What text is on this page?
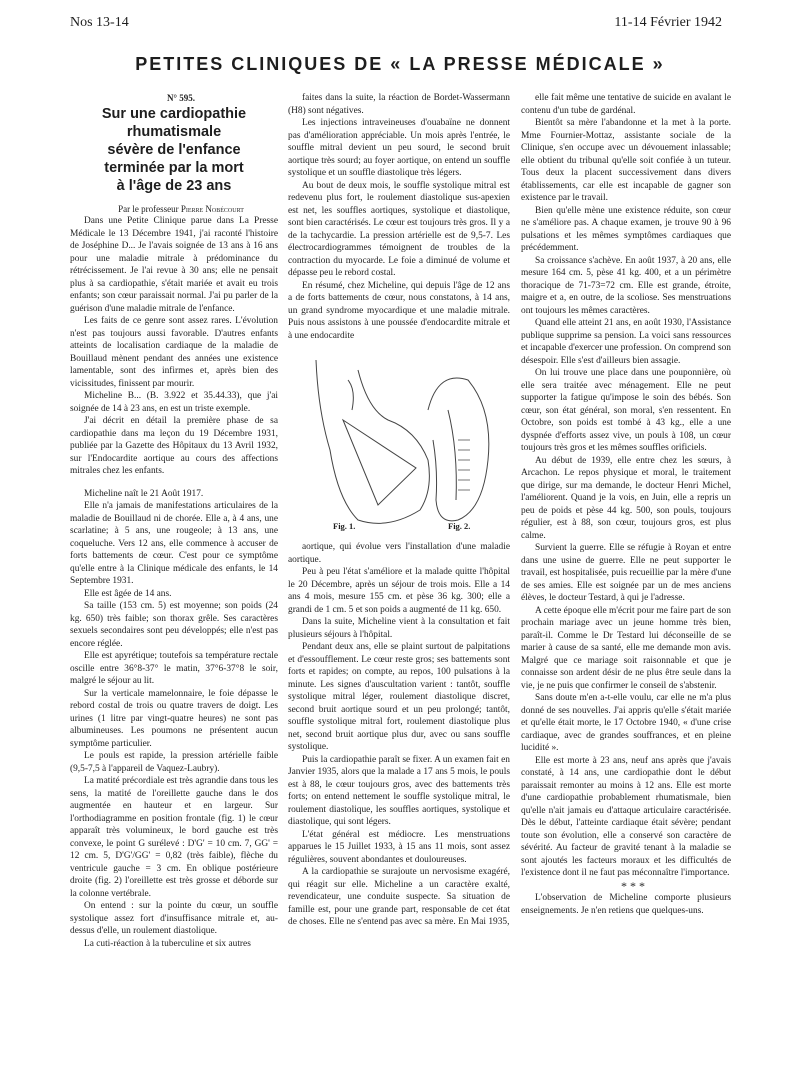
Nos 13-14	11-14 Février 1942
PETITES CLINIQUES DE « LA PRESSE MÉDICALE »

N° 595.

Sur une cardiopathie
rhumatismale
sévère de l'enfance
terminée par la mort
à l'âge de 23 ans

Par le professeur Pierre Nobécourt

Dans une Petite Clinique parue dans La Presse Médicale le 13 Décembre 1941, j'ai raconté l'histoire de Joséphine D... Je l'avais soignée de 13 ans à 16 ans pour une maladie mitrale à prédominance du rétrécissement. Je l'ai revue à 30 ans; elle ne pensait plus à sa cardiopathie, s'était mariée et avait eu trois enfants; son cœur paraissait normal. J'ai pu parler de la guérison d'une maladie mitrale de l'enfance.

Les faits de ce genre sont assez rares. L'évolution n'est pas toujours aussi favorable. D'autres enfants atteints de localisation cardiaque de la maladie de Bouillaud mènent pendant des années une existence lamentable, sont des infirmes et, après bien des vicissitudes, finissent par mourir.

Micheline B... (B. 3.922 et 35.44.33), que j'ai soignée de 14 à 23 ans, en est un triste exemple.

J'ai décrit en détail la première phase de sa cardiopathie dans ma leçon du 19 Décembre 1931, publiée par la Gazette des Hôpitaux du 13 Avril 1932, sur l'Endocardite aortique au cours des affections mitrales chez les enfants.

Micheline naît le 21 Août 1917.

Elle n'a jamais de manifestations articulaires de la maladie de Bouillaud ni de chorée. Elle a, à 4 ans, une scarlatine; à 5 ans, une rougeole; à 13 ans, une coqueluche. Vers 12 ans, elle commence à accuser de forts battements de cœur. C'est pour ce symptôme qu'elle entre à la Clinique médicale des enfants, le 14 Septembre 1931.

Elle est âgée de 14 ans.

Sa taille (153 cm. 5) est moyenne; son poids (24 kg. 650) très faible; son thorax grêle. Ses caractères sexuels secondaires sont peu développés; elle n'est pas encore réglée.

Elle est apyrétique; toutefois sa température rectale oscille entre 36°8-37° le matin, 37°6-37°8 le soir, malgré le séjour au lit.

Sur la verticale mamelonnaire, le foie dépasse le rebord costal de trois ou quatre travers de doigt. Les urines (1 litre par vingt-quatre heures) ne sont pas albumineuses. Les poumons ne présentent aucun symptôme particulier.

Le pouls est rapide, la pression artérielle faible (9,5-7,5 à l'appareil de Vaquez-Laubry).

La matité précordiale est très agrandie dans tous les sens, la matité de l'oreillette gauche dans le dos augmentée en hauteur et en largeur. Sur l'orthodiagramme en position frontale (fig. 1) le cœur apparaît très volumineux, le bord gauche est très convexe, le point G surélevé : D'G' = 10 cm. 7, GG' = 12 cm. 5, D'G'/GG' = 0,82 (très faible), flèche du ventricule gauche = 3 cm. En oblique postérieure droite (fig. 2) l'oreillette est très grosse et déborde sur la colonne vertébrale.

On entend : sur la pointe du cœur, un souffle systolique assez fort d'insuffisance mitrale et, au-dessus d'elle, un roulement diastolique.

La cuti-réaction à la tuberculine et six autres

faites dans la suite, la réaction de Bordet-Wassermann (H8) sont négatives.

Les injections intraveineuses d'ouabaïne ne donnent pas d'amélioration appréciable. Un mois après l'entrée, le souffle mitral devient un peu sourd, le second bruit aortique très sourd; au foyer aortique, on entend un souffle systolique et un souffle diastolique très légers.

Au bout de deux mois, le souffle systolique mitral est redevenu plus fort, le roulement diastolique sus-apexien est net, les souffles aortiques, systolique et diastolique, sont bien caractérisés. Le cœur est toujours très gros. Il y a de la tachycardie. La pression artérielle est de 9,5-7. Les électrocardiogrammes témoignent de troubles de la contraction du myocarde. Le foie a diminué de volume et dépasse peu le rebord costal.

En résumé, chez Micheline, qui depuis l'âge de 12 ans a de forts battements de cœur, nous constatons, à 14 ans, un grand syndrome myocardique et une maladie mitrale. Puis nous assistons à une poussée d'endocardite mitrale et à une endocardite

Fig. 1.	Fig. 2.

aortique, qui évolue vers l'installation d'une maladie aortique.

Peu à peu l'état s'améliore et la malade quitte l'hôpital le 20 Décembre, après un séjour de trois mois. Elle a 14 ans 4 mois, mesure 155 cm. et pèse 36 kg. 300; elle a grandi de 1 cm. 5 et son poids a augmenté de 11 kg. 650.

Dans la suite, Micheline vient à la consultation et fait plusieurs séjours à l'hôpital.

Pendant deux ans, elle se plaint surtout de palpitations et d'essoufflement. Le cœur reste gros; ses battements sont forts et rapides; on compte, au repos, 100 pulsations à la minute. Les signes d'auscultation varient : tantôt, souffle systolique mitral léger, roulement diastolique discret, second bruit aortique sourd et un peu prolongé; tantôt, souffle systolique mitral fort, roulement diastolique plus net, second bruit aortique plus dur, avec ou sans souffle systolique.

Puis la cardiopathie paraît se fixer. A un examen fait en Janvier 1935, alors que la malade a 17 ans 5 mois, le pouls est à 88, le cœur toujours gros, avec des battements très forts; on entend nettement le souffle systolique mitral, le roulement diastolique, les souffles aortiques, systolique et diastolique, qui sont légers.

L'état général est médiocre. Les menstruations apparues le 15 Juillet 1933, à 15 ans 11 mois, sont assez régulières, souvent abondantes et douloureuses.

A la cardiopathie se surajoute un nervosisme exagéré, qui réagit sur elle. Micheline a un caractère exalté, revendicateur, une conduite suspecte. Sa situation de famille est, pour une grande part, responsable de cet état de choses. Elle ne s'entend pas avec sa mère. En Mai 1935,

elle fait même une tentative de suicide en avalant le contenu d'un tube de gardénal.

Bientôt sa mère l'abandonne et la met à la porte. Mme Fournier-Mottaz, assistante sociale de la Clinique, s'en occupe avec un dévouement inlassable; elle obtient du tribunal qu'elle soit confiée à un tuteur. Tous deux la placent successivement dans divers établissements, car elle est incapable de gagner son existence par le travail.

Bien qu'elle mène une existence réduite, son cœur ne s'améliore pas. A chaque examen, je trouve 90 à 96 pulsations et les mêmes symptômes cardiaques que précédemment.

Sa croissance s'achève. En août 1937, à 20 ans, elle mesure 164 cm. 5, pèse 41 kg. 400, et a un périmètre thoracique de 71-73=72 cm. Elle est grande, étroite, maigre et a, en outre, de la scoliose. Ses menstruations ont toujours les mêmes caractères.

Quand elle atteint 21 ans, en août 1930, l'Assistance publique supprime sa pension. La voici sans ressources et incapable d'exercer une profession. On comprend son désespoir. Elle s'est d'ailleurs bien assagie.

On lui trouve une place dans une pouponnière, où elle sera traitée avec ménagement. Elle ne peut supporter la fatigue qu'impose le soin des bébés. Son cœur, son état général, son moral, s'en ressentent. En Octobre, son poids est tombé à 43 kg., elle a une dyspnée d'efforts assez vive, un pouls à 108, un cœur toujours très gros et les mêmes souffles orificiels.

Au début de 1939, elle entre chez les sœurs, à Arcachon. Le repos physique et moral, le traitement que dirige, sur ma demande, le docteur Henri Michel, l'améliorent. Quand je la vois, en Juin, elle a repris un peu de poids et pèse 44 kg. 500, son pouls, toujours régulier, est à 88, son cœur, toujours gros, est plus calme.

Survient la guerre. Elle se réfugie à Royan et entre dans une usine de guerre. Elle ne peut supporter le travail, est hospitalisée, puis recueillie par la mère d'une de ses amies. Elle est soignée par un de mes anciens élèves, le docteur Testard, à qui je l'adresse.

A cette époque elle m'écrit pour me faire part de son prochain mariage avec un jeune homme très bien, paraît-il. Comme le Dr Testard lui déconseille de se marier à cause de sa santé, elle me demande mon avis. Malgré que ce mariage soit raisonnable et que je connaisse son ardent désir de ne plus être seule dans la vie, je ne puis que confirmer le conseil de s'abstenir.

Sans doute m'en a-t-elle voulu, car elle ne m'a plus donné de ses nouvelles. J'ai appris qu'elle s'était mariée et qu'elle était morte, le 17 Octobre 1940, « d'une crise cardiaque, avec de grandes souffrances, et en pleine lucidité ».

Elle est morte à 23 ans, neuf ans après que j'avais constaté, à 14 ans, une cardiopathie dont le début paraissait remonter au moins à 12 ans. Elle est morte d'une cardiopathie probablement rhumatismale, bien qu'elle n'ait jamais eu d'attaque articulaire caractérisée. Dès le début, l'atteinte cardiaque était sévère; pendant toute son évolution, elle a conservé son caractère de sévérité. Au facteur de gravité tenant à la maladie se sont ajoutés les facteurs moraux et les difficultés de l'existence dont il ne faut pas méconnaître l'importance.

* * *

L'observation de Micheline comporte plusieurs enseignements. Je n'en retiens que quelques-uns.
